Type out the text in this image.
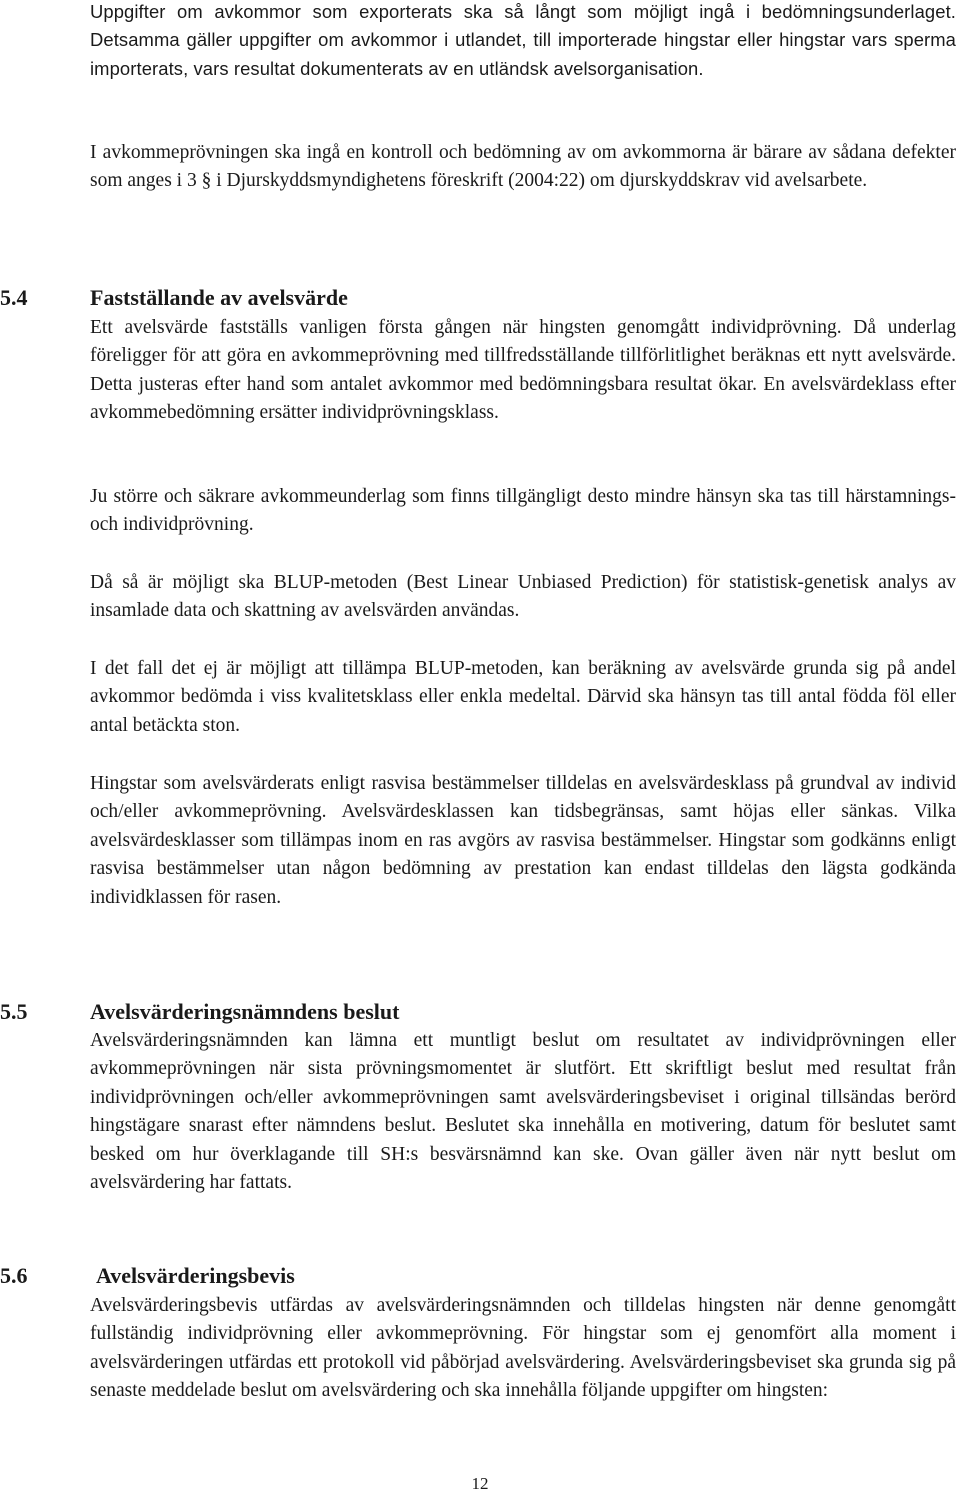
Uppgifter om avkommor som exporterats ska så långt som möjligt ingå i bedömningsunderlaget. Detsamma gäller uppgifter om avkommor i utlandet, till importerade hingstar eller hingstar vars sperma importerats, vars resultat dokumenterats av en utländsk avelsorganisation.

I avkommeprövningen ska ingå en kontroll och bedömning av om avkommorna är bärare av sådana defekter som anges i 3 § i Djurskyddsmyndighetens föreskrift (2004:22) om djurskyddskrav vid avelsarbete.

5.4	Fastställande av avelsvärde

Ett avelsvärde fastställs vanligen första gången när hingsten genomgått individprövning. Då underlag föreligger för att göra en avkommeprövning med tillfredsställande tillförlitlighet beräknas ett nytt avelsvärde. Detta justeras efter hand som antalet avkommor med bedömningsbara resultat ökar. En avelsvärdeklass efter avkommebedömning ersätter individprövningsklass.

Ju större och säkrare avkommeunderlag som finns tillgängligt desto mindre hänsyn ska tas till härstamnings- och individprövning.

Då så är möjligt ska BLUP-metoden (Best Linear Unbiased Prediction) för statistisk-genetisk analys av insamlade data och skattning av avelsvärden användas.

I det fall det ej är möjligt att tillämpa BLUP-metoden, kan beräkning av avelsvärde grunda sig på andel avkommor bedömda i viss kvalitetsklass eller enkla medeltal. Därvid ska hänsyn tas till antal födda föl eller antal betäckta ston.

Hingstar som avelsvärderats enligt rasvisa bestämmelser tilldelas en avelsvärdesklass på grundval av individ och/eller avkommeprövning. Avelsvärdesklassen kan tidsbegränsas, samt höjas eller sänkas. Vilka avelsvärdesklasser som tillämpas inom en ras avgörs av rasvisa bestämmelser. Hingstar som godkänns enligt rasvisa bestämmelser utan någon bedömning av prestation kan endast tilldelas den lägsta godkända individklassen för rasen.

5.5	Avelsvärderingsnämndens beslut

Avelsvärderingsnämnden kan lämna ett muntligt beslut om resultatet av individprövningen eller avkommeprövningen när sista prövningsmomentet är slutfört. Ett skriftligt beslut med resultat från individprövningen och/eller avkommeprövningen samt avelsvärderingsbeviset i original tillsändas berörd hingstägare snarast efter nämndens beslut. Beslutet ska innehålla en motivering, datum för beslutet samt besked om hur överklagande till SH:s besvärsnämnd kan ske. Ovan gäller även när nytt beslut om avelsvärdering har fattats.

5.6	Avelsvärderingsbevis

Avelsvärderingsbevis utfärdas av avelsvärderingsnämnden och tilldelas hingsten när denne genomgått fullständig individprövning eller avkommeprövning. För hingstar som ej genomfört alla moment i avelsvärderingen utfärdas ett protokoll vid påbörjad avelsvärdering. Avelsvärderingsbeviset ska grunda sig på senaste meddelade beslut om avelsvärdering och ska innehålla följande uppgifter om hingsten:

12
